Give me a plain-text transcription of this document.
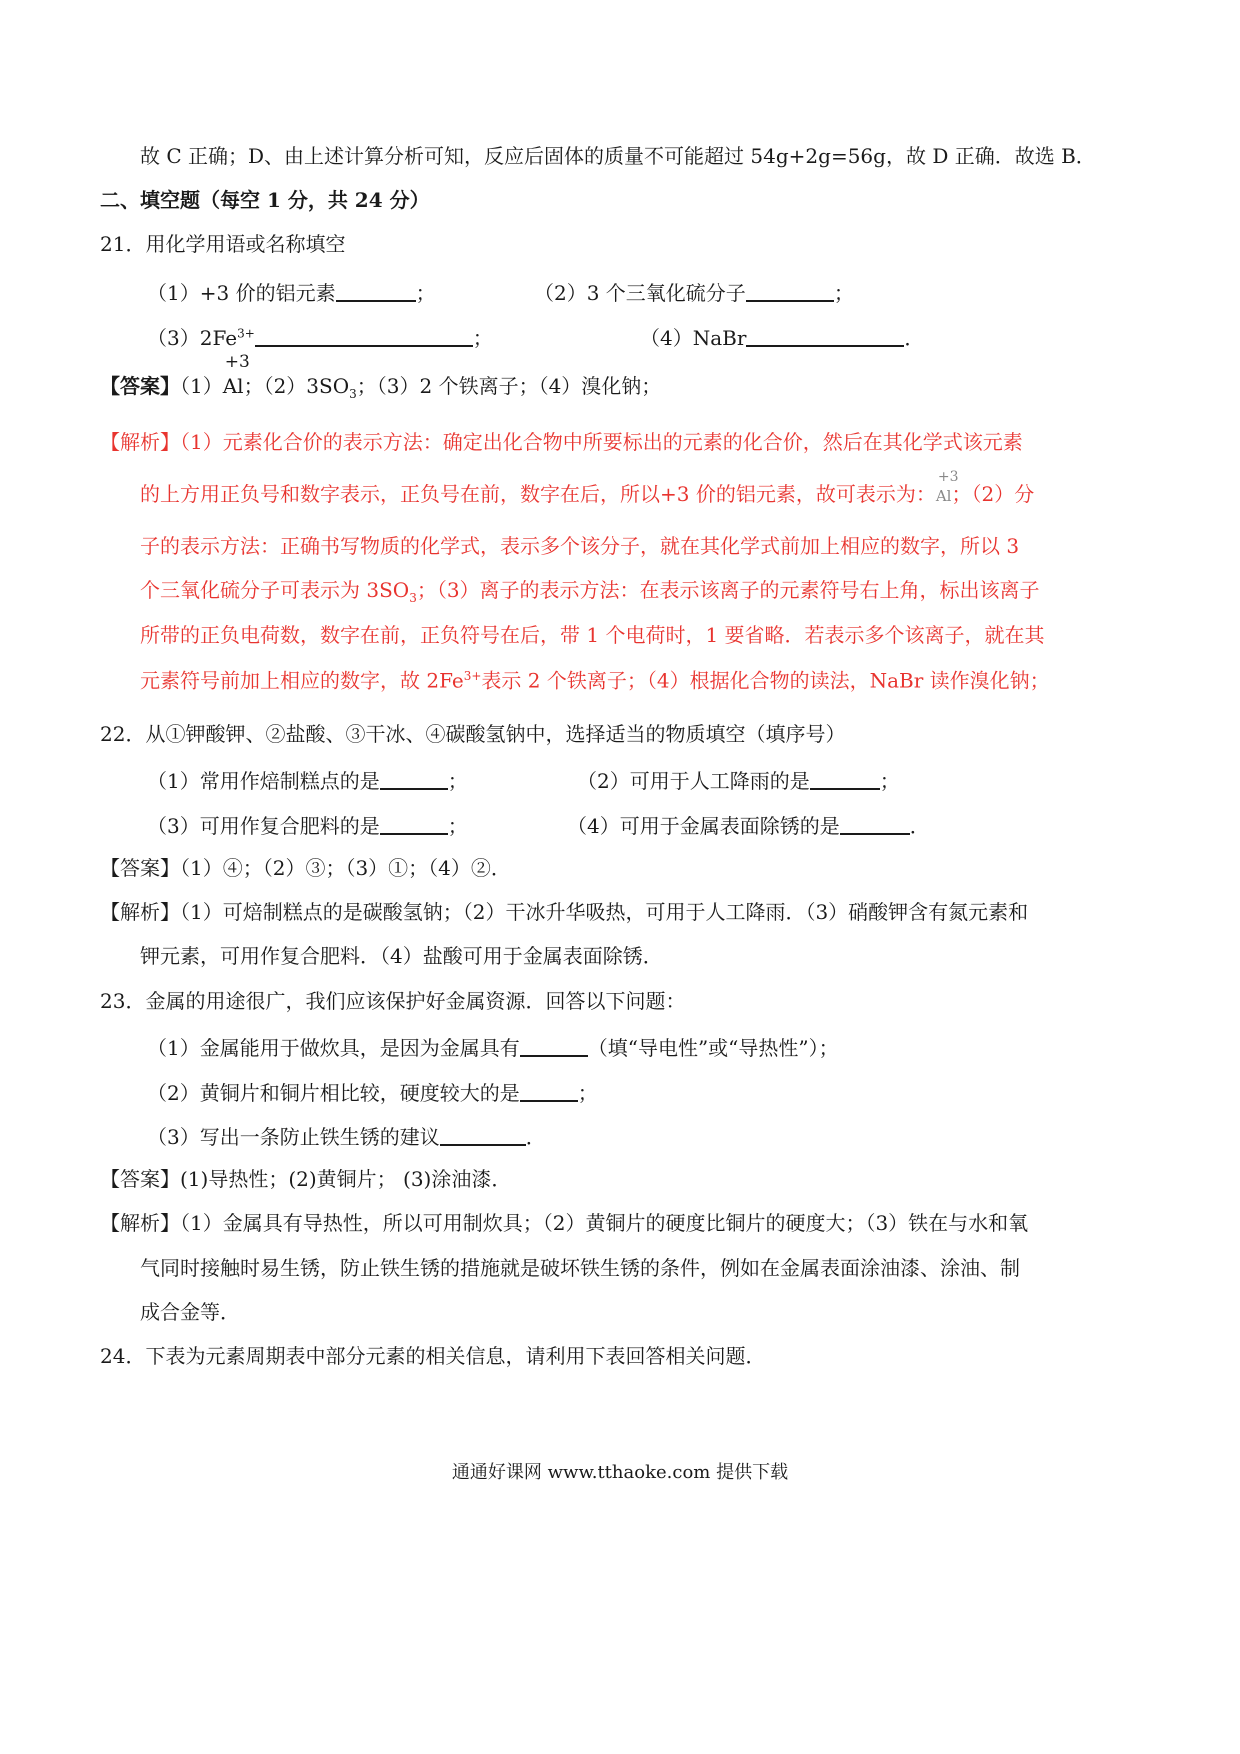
故 C 正确；D、由上述计算分析可知，反应后固体的质量不可能超过 54g+2g=56g，故 D 正确．故选 B．
二、填空题（每空 1 分，共 24 分）
21．用化学用语或名称填空
（1）+3 价的铝元素	；	（2）3 个三氧化硫分子	；
$(3)2Fe^{3+}$	；	（4）NaBr	．
【答案】（1）
+3
Al；$(2)3SO_3$；（3）2 个铁离子；（4）溴化钠；
【解析】（1）元素化合价的表示方法：确定出化合物中所要标出的元素的化合价，然后在其化学式该元素
的上方用正负号和数字表示，正负号在前，数字在后，所以+3 价的铝元素，故可表示为：
+3
Al；（2）分
子的表示方法：正确书写物质的化学式，表示多个该分子，就在其化学式前加上相应的数字，所以 3
个三氧化硫分子可表示为 $3SO_3$；（3）离子的表示方法：在表示该离子的元素符号右上角，标出该离子
所带的正负电荷数，数字在前，正负符号在后，带 1 个电荷时，1 要省略．若表示多个该离子，就在其
元素符号前加上相应的数字，故 $2Fe^{3+}$表示 2 个铁离子；（4）根据化合物的读法，NaBr 读作溴化钠；
22．从①钾酸钾、②盐酸、③干冰、④碳酸氢钠中，选择适当的物质填空（填序号）
（1）常用作焙制糕点的是	；	（2）可用于人工降雨的是	；
（3）可用作复合肥料的是	；	（4）可用于金属表面除锈的是	．
【答案】（1）④；（2）③；（3）①；（4）②．
【解析】（1）可焙制糕点的是碳酸氢钠；（2）干冰升华吸热，可用于人工降雨．（3）硝酸钾含有氮元素和
钾元素，可用作复合肥料．（4）盐酸可用于金属表面除锈．
23．金属的用途很广，我们应该保护好金属资源．回答以下问题：
（1）金属能用于做炊具，是因为金属具有	（填“导电性”或“导热性”）；
（2）黄铜片和铜片相比较，硬度较大的是	；
（3）写出一条防止铁生锈的建议	．
【答案】(1)导热性；(2)黄铜片； (3)涂油漆．
【解析】（1）金属具有导热性，所以可用制炊具；（2）黄铜片的硬度比铜片的硬度大；（3）铁在与水和氧
气同时接触时易生锈，防止铁生锈的措施就是破坏铁生锈的条件，例如在金属表面涂油漆、涂油、制
成合金等．
24．下表为元素周期表中部分元素的相关信息，请利用下表回答相关问题．
通通好课网 www.tthaoke.com 提供下载
